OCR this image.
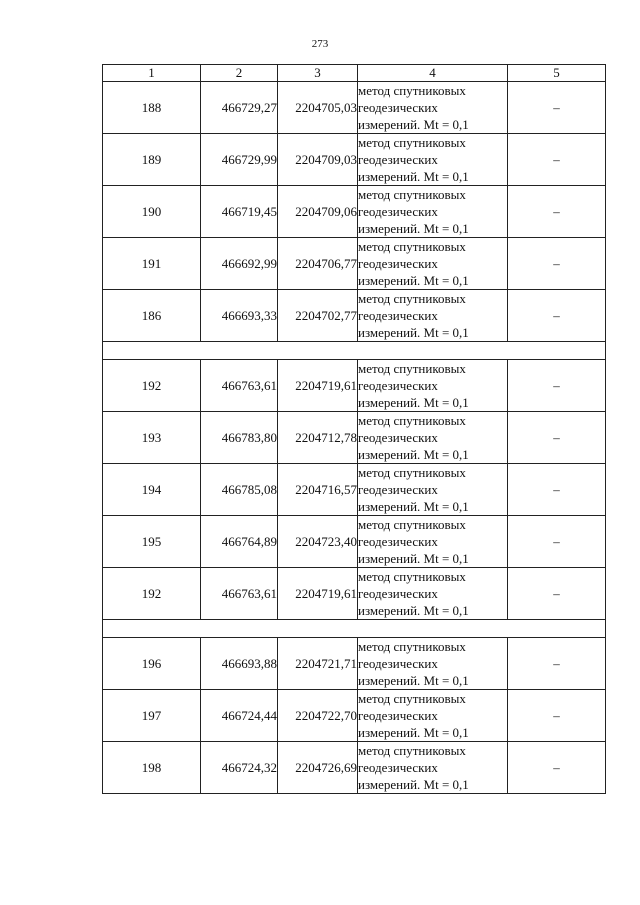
273
1	2	3	4	5
188	466729,27	2204705,03	метод спутниковых
геодезических
измерений. Mt = 0,1	–
189	466729,99	2204709,03	метод спутниковых
геодезических
измерений. Mt = 0,1	–
190	466719,45	2204709,06	метод спутниковых
геодезических
измерений. Mt = 0,1	–
191	466692,99	2204706,77	метод спутниковых
геодезических
измерений. Mt = 0,1	–
186	466693,33	2204702,77	метод спутниковых
геодезических
измерений. Mt = 0,1	–

192	466763,61	2204719,61	метод спутниковых
геодезических
измерений. Mt = 0,1	–
193	466783,80	2204712,78	метод спутниковых
геодезических
измерений. Mt = 0,1	–
194	466785,08	2204716,57	метод спутниковых
геодезических
измерений. Mt = 0,1	–
195	466764,89	2204723,40	метод спутниковых
геодезических
измерений. Mt = 0,1	–
192	466763,61	2204719,61	метод спутниковых
геодезических
измерений. Mt = 0,1	–

196	466693,88	2204721,71	метод спутниковых
геодезических
измерений. Mt = 0,1	–
197	466724,44	2204722,70	метод спутниковых
геодезических
измерений. Mt = 0,1	–
198	466724,32	2204726,69	метод спутниковых
геодезических
измерений. Mt = 0,1	–
